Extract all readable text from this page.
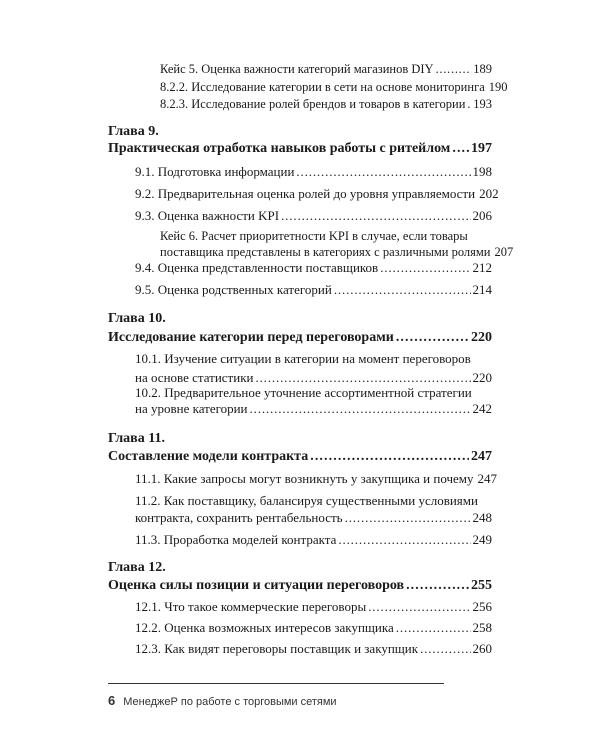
Кейс 5. Оценка важности категорий магазинов DIY . . .	189
8.2.2. Исследование категории в сети на основе мониторинга 190
8.2.3. Исследование ролей брендов и товаров в категории . . . 193
Глава 9.
Практическая отработка навыков работы с ритейлом . . . 197
9.1. Подготовка информации . . .	198
9.2. Предварительная оценка ролей до уровня управляемости 202
9.3. Оценка важности KPI . . .	206
Кейс 6. Расчет приоритетности KPI в случае, если товары
поставщика представлены в категориях с различными ролями 207
9.4. Оценка представленности поставщиков . . .	212
9.5. Оценка родственных категорий . . .	214
Глава 10.
Исследование категории перед переговорами . . .	220
10.1. Изучение ситуации в категории на момент переговоров
на основе статистики . . .	220
10.2. Предварительное уточнение ассортиментной стратегии
на уровне категории . . .	242
Глава 11.
Составление модели контракта . . .	247
11.1. Какие запросы могут возникнуть у закупщика и почему 247
11.2. Как поставщику, балансируя существенными условиями
контракта, сохранить рентабельность . . .	248
11.3. Проработка моделей контракта . . .	249
Глава 12.
Оценка силы позиции и ситуации переговоров . . .	255
12.1. Что такое коммерческие переговоры . . .	256
12.2. Оценка возможных интересов закупщика . . .	258
12.3. Как видят переговоры поставщик и закупщик . . .	260
6 МенеджеР по работе с торговыми сетями
